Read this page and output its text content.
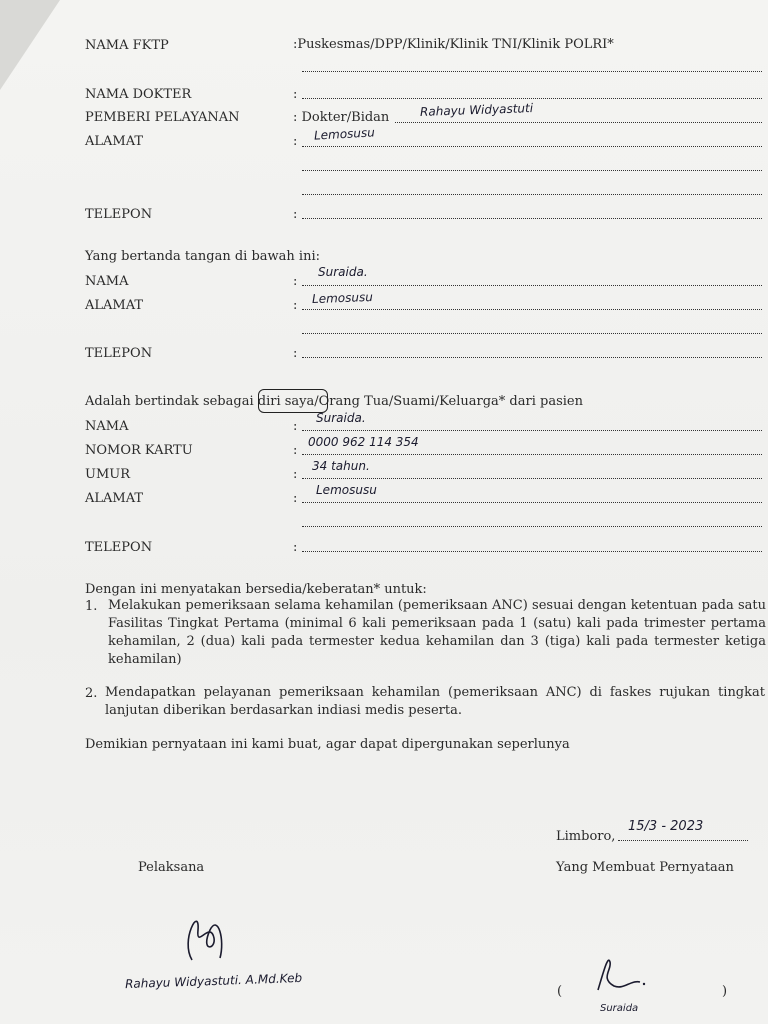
NAMA FKTP	:Puskesmas/DPP/Klinik/Klinik TNI/Klinik POLRI*
NAMA DOKTER	:
PEMBERI PELAYANAN	: Dokter/Bidan	Rahayu Widyastuti
ALAMAT	: Lemosusu
TELEPON	:
Yang bertanda tangan di bawah ini:
NAMA	:
Suraida.
ALAMAT	: Lemosusu
TELEPON	:
Adalah bertindak sebagai diri saya/Orang Tua/Suami/Keluarga* dari pasien
NAMA	:
Suraida.
NOMOR KARTU	:
0000 962 114 354
UMUR	:
34 tahun.
ALAMAT	:
Lemosusu
TELEPON	:
Dengan ini menyatakan bersedia/keberatan* untuk:
1. Melakukan pemeriksaan selama kehamilan (pemeriksaan ANC) sesuai dengan ketentuan pada satu Fasilitas Tingkat Pertama (minimal 6 kali pemeriksaan pada 1 (satu) kali pada trimester pertama kehamilan, 2 (dua) kali pada termester kedua kehamilan dan 3 (tiga) kali pada termester ketiga kehamilan)
2. Mendapatkan pelayanan pemeriksaan kehamilan (pemeriksaan ANC) di faskes rujukan tingkat lanjutan diberikan berdasarkan indiasi medis peserta.
Demikian pernyataan ini kami buat, agar dapat dipergunakan seperlunya
Limboro,
15/3 - 2023
Pelaksana	Yang Membuat Pernyataan
Rahayu Widyastuti. A.Md.Keb
(	)
Suraida
